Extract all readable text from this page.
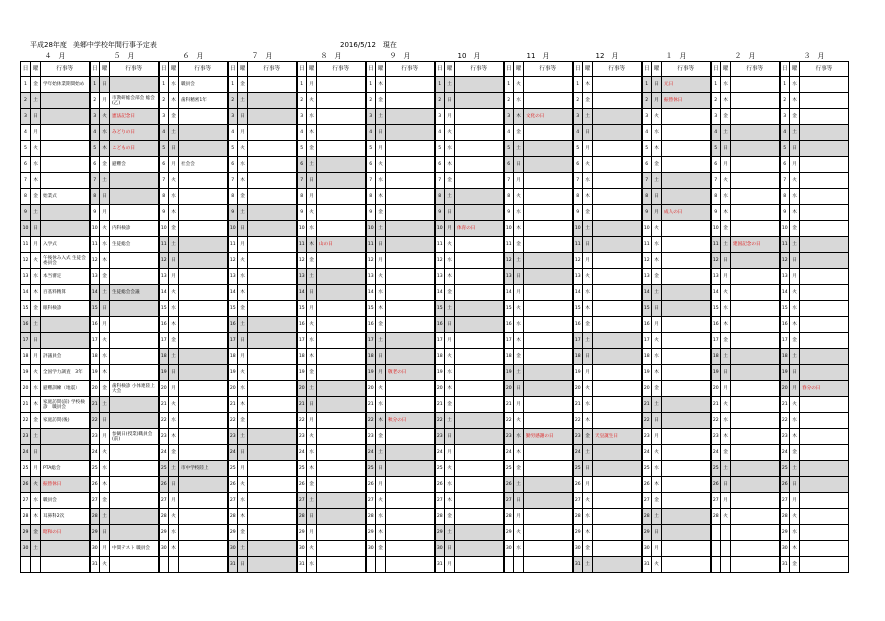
平成28年度 美郷中学校年間行事予定表	2016/5/12　 現在
４　月			５　月			６　月			７　月			８　月			９　月			10　月			11　月			12　月			１　月			２　月			３　月		
日	曜	行事等	日	曜	行事等	日	曜	行事等	日	曜	行事等	日	曜	行事等	日	曜	行事等	日	曜	行事等	日	曜	行事等	日	曜	行事等	日	曜	行事等	日	曜	行事等	日	曜	行事等
1	金	学年始休業期間始め	1	日		1	水	職員会	1	金		1	月		1	木		1	土		1	火		1	木		1	日	元日	1	水		1	水	
2	土		2	月	市教研総会部会 総会(乙)	2	木	歯科精密1年	2	土		2	火		2	金		2	日		2	水		2	金		2	月	振替休日	2	木		2	木	
3	日		3	火	憲法記念日	3	金		3	日		3	水		3	土		3	月		3	木	文化の日	3	土		3	火		3	金		3	金	
4	月		4	水	みどりの日	4	土		4	月		4	木		4	日		4	火		4	金		4	日		4	水		4	土		4	土	
5	火		5	木	こどもの日	5	日		5	火		5	金		5	月		5	水		5	土		5	月		5	木		5	日		5	日	
6	水		6	金	避難会	6	月	社会会	6	水		6	土		6	火		6	木		6	日		6	火		6	金		6	月		6	月	
7	木		7	土		7	火		7	木		7	日		7	水		7	金		7	月		7	水		7	土		7	火		7	火	
8	金	始業式	8	日		8	水		8	金		8	月		8	木		8	土		8	火		8	木		8	日		8	水		8	水	
9	土		9	月		9	木		9	土		9	火		9	金		9	日		9	水		9	金		9	月	成人の日	9	木		9	木	
10	日		10	火	内科検診	10	金		10	日		10	水		10	土		10	月	体育の日	10	木		10	土		10	火		10	金		10	金	
11	月	入学式	11	水	生徒総会	11	土		11	月		11	木	山の日	11	日		11	火		11	金		11	日		11	水		11	土	建国記念の日	11	土	
12	火	午後休み入式 生徒会　委員会	12	木		12	日		12	火		12	金		12	月		12	水		12	土		12	月		12	木		12	日		12	日	
13	水	本当審定	13	金		13	月		13	水		13	土		13	火		13	木		13	日		13	火		13	金		13	月		13	月	
14	木	百基料精算	14	土	生徒総会会議	14	火		14	木		14	日		14	水		14	金		14	月		14	水		14	土		14	火		14	火	
15	金	眼科検診	15	日		15	水		15	金		15	月		15	木		15	土		15	火		15	木		15	日		15	水		15	水	
16	土		16	月		16	木		16	土		16	火		16	金		16	日		16	水		16	金		16	月		16	木		16	木	
17	日		17	火		17	金		17	日		17	水		17	土		17	月		17	木		17	土		17	火		17	金		17	金	
18	月	評議員会	18	水		18	土		18	月		18	木		18	日		18	火		18	金		18	日		18	水		18	土		18	土	
19	火	全国学力調査　3年	19	木		19	日		19	火		19	金		19	月	敬老の日	19	水		19	土		19	月		19	木		19	日		19	日	
20	水	避難訓練（地震）	20	金	歯科検診 小体連陸上大会	20	月		20	水		20	土		20	火		20	木		20	日		20	火		20	金		20	月		20	月	春分の日
21	木	家庭訪問(前) 学校検診　職員会	21	土		21	火		21	木		21	日		21	水		21	金		21	月		21	水		21	土		21	火		21	火	
22	金	家庭訪問(後)	22	日		22	水		22	金		22	月		22	木	秋分の日	22	土		22	火		22	木		22	日		22	水		22	水	
23	土		23	月	参観日(授業)職員会 (前)	23	木		23	土		23	火		23	金		23	日		23	水	勤労感謝の日	23	金	天皇誕生日	23	月		23	木		23	木	
24	日		24	火		24	金		24	日		24	水		24	土		24	月		24	木		24	土		24	火		24	金		24	金	
25	月	PTA総会	25	水		25	土	市中学校陸上	25	月		25	木		25	日		25	火		25	金		25	日		25	水		25	土		25	土	
26	火	振替休日	26	木		26	日		26	火		26	金		26	月		26	水		26	土		26	月		26	木		26	日		26	日	
27	水	職員会	27	金		27	月		27	水		27	土		27	火		27	木		27	日		27	火		27	金		27	月		27	月	
28	木	耳鼻科2次	28	土		28	火		28	木		28	日		28	水		28	金		28	月		28	水		28	土		28	火		28	火	
29	金	昭和の日	29	日		29	水		29	金		29	月		29	木		29	土		29	火		29	木		29	日					29	水	
30	土		30	月	中間テスト 職員会	30	木		30	土		30	火		30	金		30	日		30	水		30	金		30	月					30	木	
			31	火					31	日		31	水					31	月					31	土		31	火					31	金	
